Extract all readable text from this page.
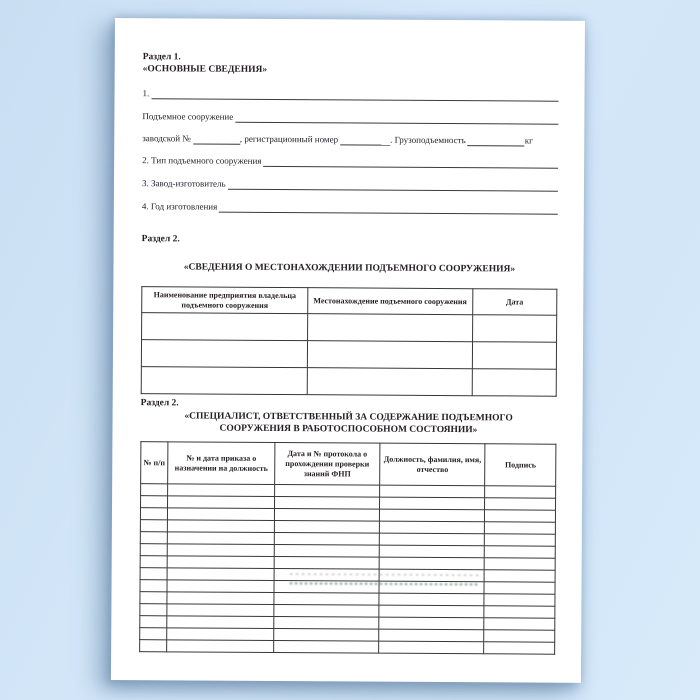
Раздел 1.
«ОСНОВНЫЕ СВЕДЕНИЯ»
1.
Подъемное сооружение
заводской №	, регистрационный номер	. Грузоподъемность	кг
2. Тип подъемного сооружения
3. Завод-изготовитель
4. Год изготовления
Раздел 2.
«СВЕДЕНИЯ О МЕСТОНАХОЖДЕНИИ ПОДЪЕМНОГО СООРУЖЕНИЯ»
Наименование предприятия владельца подъемного сооружения	Местонахождение подъемного сооружения	Дата

Раздел 2.
«СПЕЦИАЛИСТ, ОТВЕТСТВЕННЫЙ ЗА СОДЕРЖАНИЕ ПОДЪЕМНОГО СООРУЖЕНИЯ В РАБОТОСПОСОБНОМ СОСТОЯНИИ»
№ п/п	№ и дата приказа о назначении на должность	Дата и № протокола о прохождении проверки знаний ФНП	Должность, фамилия, имя, отчество	Подпись
